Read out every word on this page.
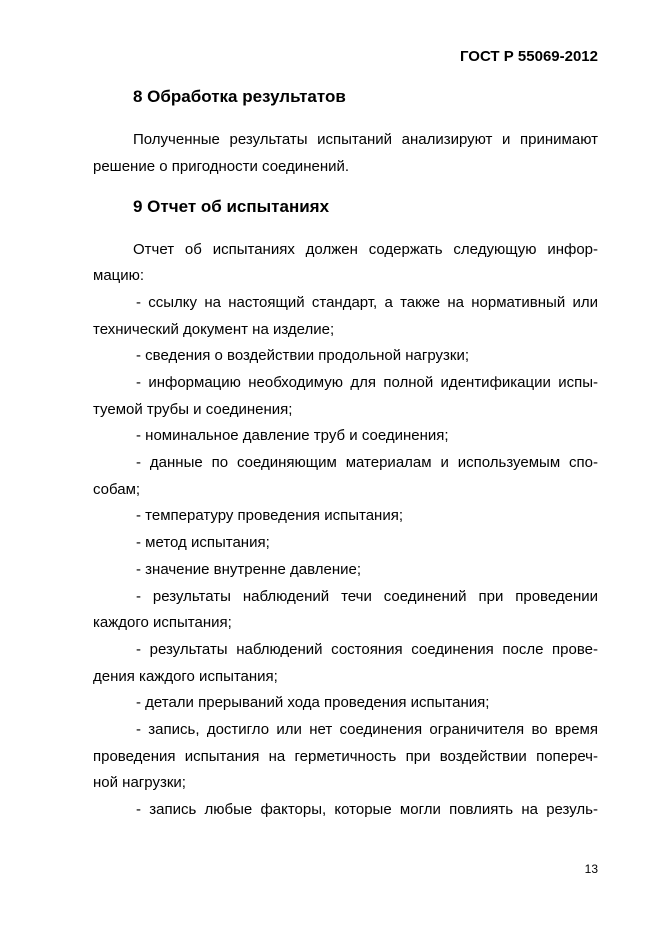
ГОСТ Р 55069-2012
8 Обработка результатов
Полученные результаты испытаний анализируют и принимают
решение о пригодности соединений.
9 Отчет об испытаниях
Отчет об испытаниях должен содержать следующую инфор-
мацию:
- ссылку на настоящий стандарт, а также на нормативный или
технический документ на изделие;
- сведения о воздействии продольной нагрузки;
- информацию необходимую для полной идентификации испы-
туемой трубы и соединения;
- номинальное давление труб и соединения;
- данные по соединяющим материалам и используемым спо-
собам;
- температуру проведения испытания;
- метод испытания;
- значение внутренне давление;
- результаты наблюдений течи соединений при проведении
каждого испытания;
- результаты наблюдений состояния соединения после прове-
дения каждого испытания;
- детали прерываний хода проведения испытания;
- запись, достигло или нет соединения ограничителя во время
проведения испытания на герметичность при воздействии попереч-
ной нагрузки;
- запись любые факторы, которые могли повлиять на резуль-
13
